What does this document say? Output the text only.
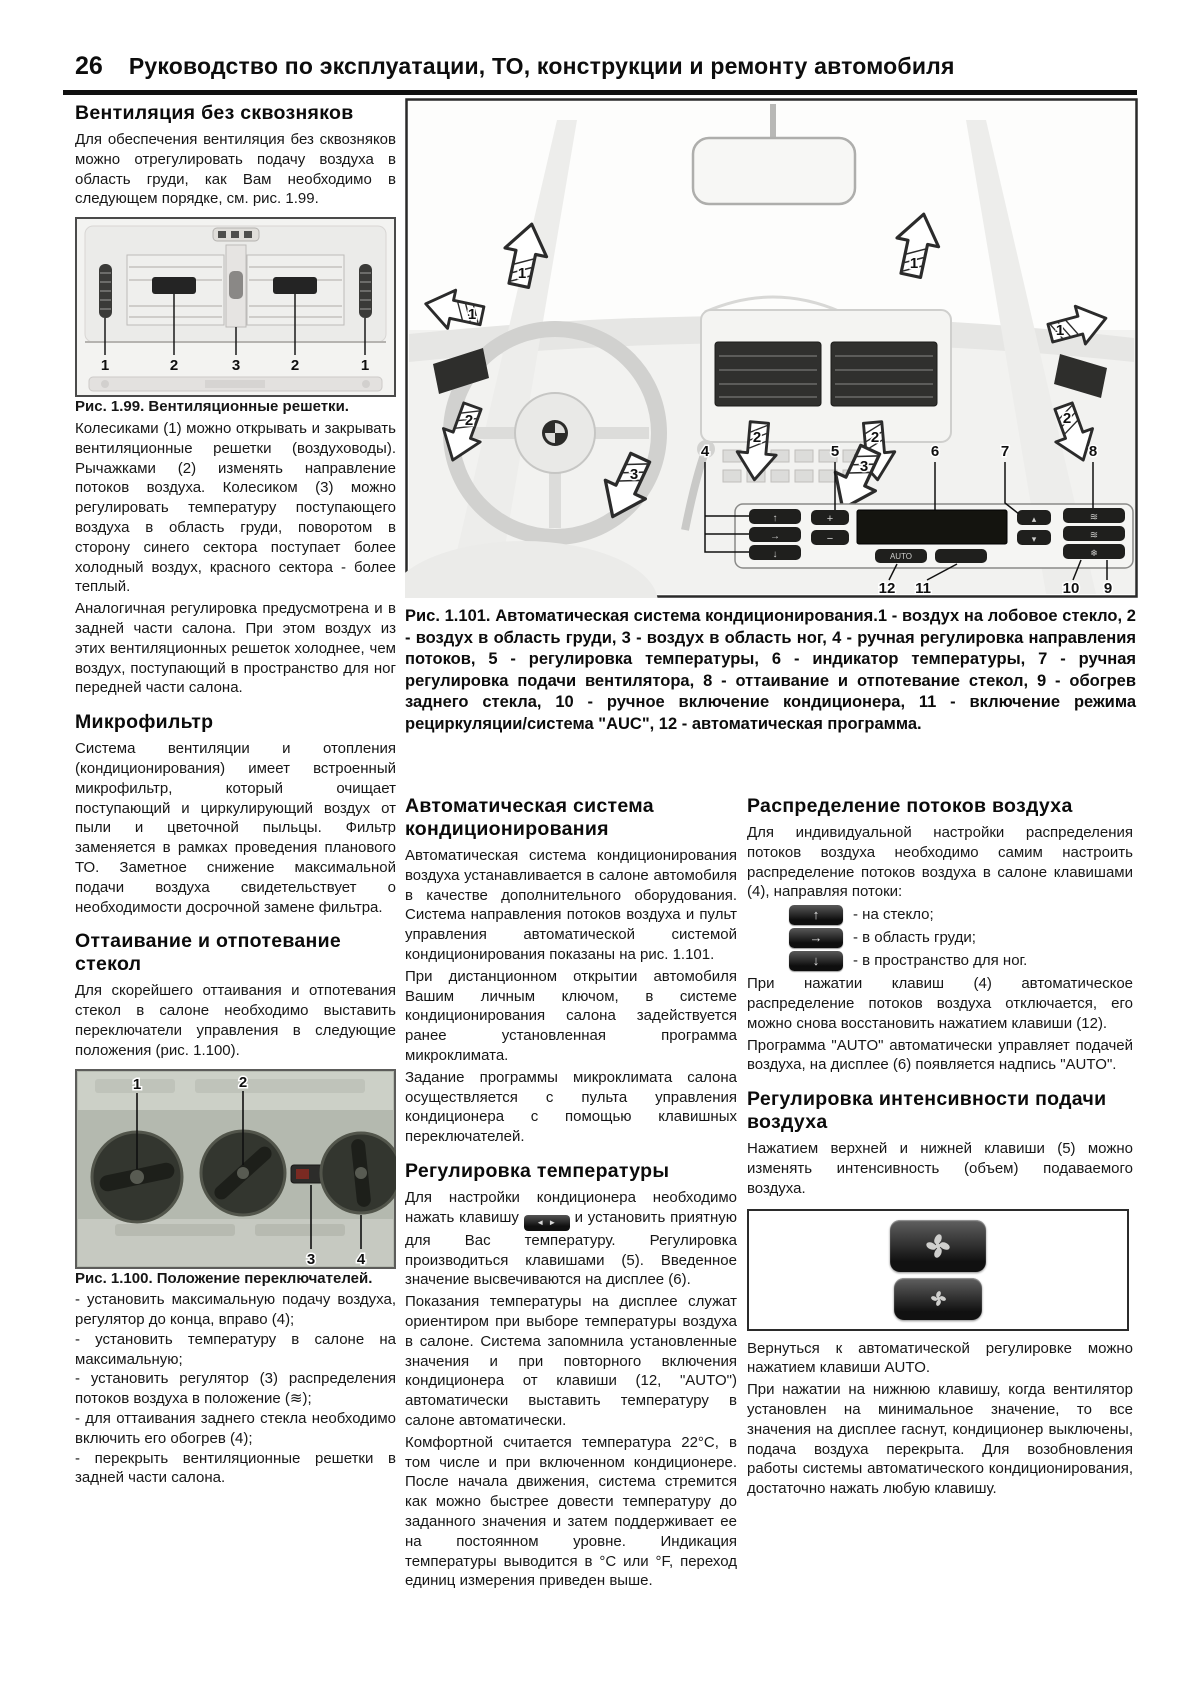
26 Руководство по эксплуатации, ТО, конструкции и ремонту автомобиля
Вентиляция без сквозняков

Для обеспечения вентиляция без сквозняков можно отрегулировать подачу воздуха в область груди, как Вам необходимо в следующем порядке, см. рис. 1.99.

1	2	3	2	1

Рис. 1.99. Вентиляционные решетки.

Колесиками (1) можно открывать и закрывать вентиляционные решетки (воздуховоды). Рычажками (2) изменять направление потоков воздуха. Колесиком (3) можно регулировать температуру поступающего воздуха в область груди, поворотом в сторону синего сектора поступает более холодный воздух, красного сектора - более теплый.

Аналогичная регулировка предусмотрена и в задней части салона. При этом воздух из этих вентиляционных решеток холоднее, чем воздух, поступающий в пространство для ног передней части салона.

Микрофильтр

Система вентиляции и отопления (кондиционирования) имеет встроенный микрофильтр, который очищает поступающий и циркулирующий воздух от пыли и цветочной пыльцы. Фильтр заменяется в рамках проведения планового ТО. Заметное снижение максимальной подачи воздуха свидетельствует о необходимости досрочной замене фильтра.

Оттаивание и отпотевание стекол

Для скорейшего оттаивания и отпотевания стекол в салоне необходимо выставить переключатели управления в следующие положения (рис. 1.100).

1	2
3	4

Рис. 1.100. Положение переключателей.

- установить максимальную подачу воздуха, регулятор до конца, вправо (4);

- установить температуру в салоне на максимальную;

- установить регулятор (3) распределения потоков воздуха в положение (≋);

- для оттаивания заднего стекла необходимо включить его обогрев (4);

- перекрыть вентиляционные решетки в задней части салона.

1
1
1
1
2
2	2
2
3	3
↑
→
↓
+
−
AUTO
▴
▾
≋
≋
❄
4	5	6	7	8
12 11	10 9

Рис. 1.101. Автоматическая система кондиционирования.1 - воздух на лобовое стекло, 2 - воздух в область груди, 3 - воздух в область ног, 4 - ручная регулировка направления потоков, 5 - регулировка температуры, 6 - индикатор температуры, 7 - ручная регулировка подачи вентилятора, 8 - оттаивание и отпотевание стекол, 9 - обогрев заднего стекла, 10 - ручное включение кондиционера, 11 - включение режима рециркуляции/система "AUC", 12 - автоматическая программа.

Автоматическая система кондиционирования

Автоматическая система кондиционирования воздуха устанавливается в салоне автомобиля в качестве дополнительного оборудования. Система направления потоков воздуха и пульт управления автоматической системой кондиционирования показаны на рис. 1.101.

При дистанционном открытии автомобиля Вашим личным ключом, в системе кондиционирования салона задействуется ранее установленная программа микроклимата.

Задание программы микроклимата салона осуществляется с пульта управления кондиционера с помощью клавишных переключателей.

Регулировка температуры

Для настройки кондиционера необходимо нажать клавишу ◄ ► и установить приятную для Вас температуру. Регулировка производиться клавишами (5). Введенное значение высвечиваются на дисплее (6).

Показания температуры на дисплее служат ориентиром при выборе температуры воздуха в салоне. Система запомнила установленные значения и при повторного включения кондиционера от клавиши (12, "AUTO") автоматически выставить температуру в салоне автоматически.

Комфортной считается температура 22°С, в том числе и при включенном кондиционере. После начала движения, система стремится как можно быстрее довести температуру до заданного значения и затем поддерживает ее на постоянном уровне. Индикация температуры выводится в °С или °F, переход единиц измерения приведен выше.

Распределение потоков воздуха

Для индивидуальной настройки распределения потоков воздуха необходимо самим настроить распределение потоков воздуха в салоне клавишами (4), направляя потоки:

↑	- на стекло;
→	- в область груди;
↓	- в пространство для ног.

При нажатии клавиш (4) автоматическое распределение потоков воздуха отключается, его можно снова восстановить нажатием клавиши (12).

Программа "AUTO" автоматически управляет подачей воздуха, на дисплее (6) появляется надпись "AUTO".

Регулировка интенсивности подачи воздуха

Нажатием верхней и нижней клавиши (5) можно изменять интенсивность (объем) подаваемого воздуха.

Вернуться к автоматической регулировке можно нажатием клавиши AUTO.

При нажатии на нижнюю клавишу, когда вентилятор установлен на минимальное значение, то все значения на дисплее гаснут, кондиционер выключены, подача воздуха перекрыта. Для возобновления работы системы автоматического кондиционирования, достаточно нажать любую клавишу.
